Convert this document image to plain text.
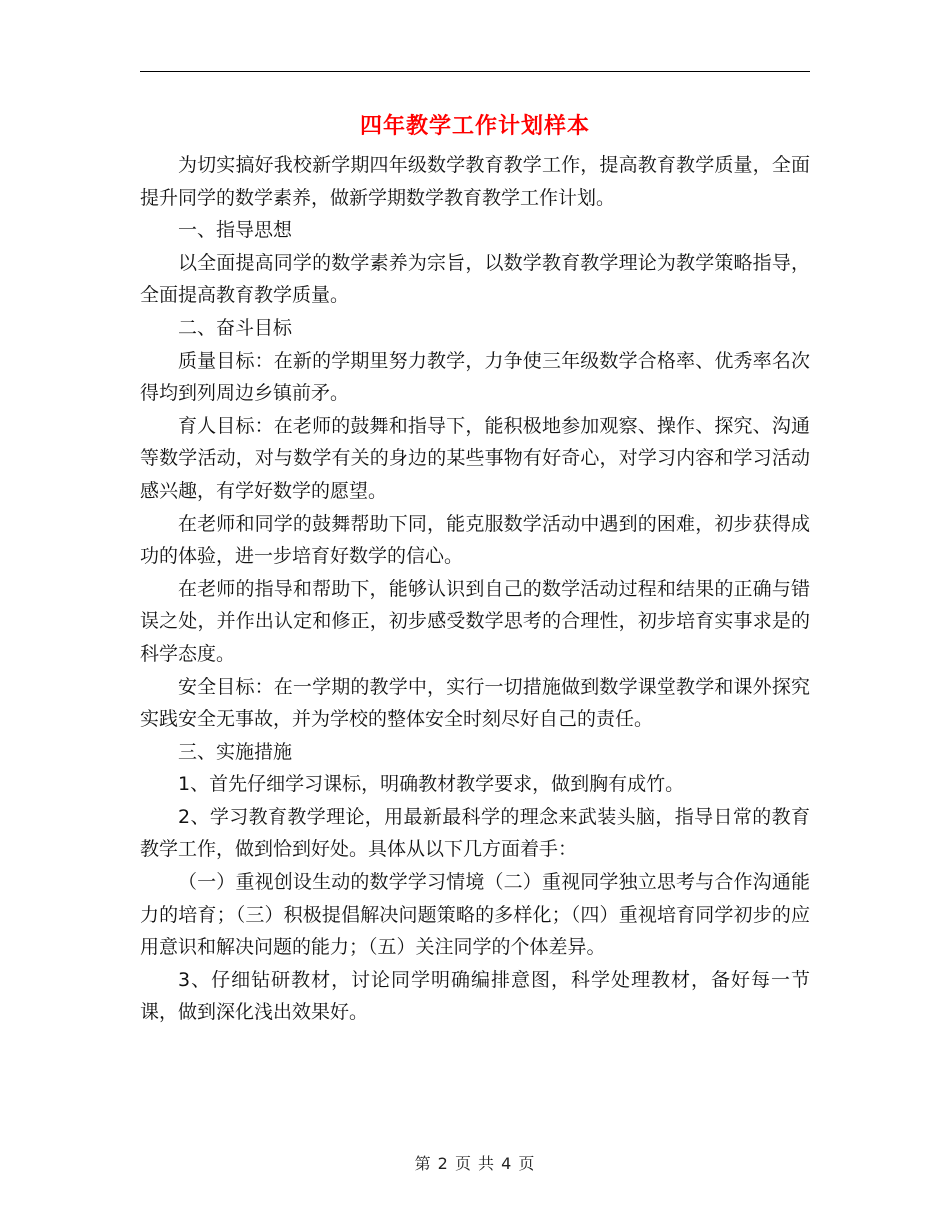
四年教学工作计划样本

为切实搞好我校新学期四年级数学教育教学工作，提高教育教学质量，全面提升同学的数学素养，做新学期数学教育教学工作计划。

一、指导思想

以全面提高同学的数学素养为宗旨，以数学教育教学理论为教学策略指导，全面提高教育教学质量。

二、奋斗目标

质量目标：在新的学期里努力教学，力争使三年级数学合格率、优秀率名次得均到列周边乡镇前矛。

育人目标：在老师的鼓舞和指导下，能积极地参加观察、操作、探究、沟通等数学活动，对与数学有关的身边的某些事物有好奇心，对学习内容和学习活动感兴趣，有学好数学的愿望。

在老师和同学的鼓舞帮助下同，能克服数学活动中遇到的困难，初步获得成功的体验，进一步培育好数学的信心。

在老师的指导和帮助下，能够认识到自己的数学活动过程和结果的正确与错误之处，并作出认定和修正，初步感受数学思考的合理性，初步培育实事求是的科学态度。

安全目标：在一学期的教学中，实行一切措施做到数学课堂教学和课外探究实践安全无事故，并为学校的整体安全时刻尽好自己的责任。

三、实施措施

1、首先仔细学习课标，明确教材教学要求，做到胸有成竹。

2、学习教育教学理论，用最新最科学的理念来武装头脑，指导日常的教育教学工作，做到恰到好处。具体从以下几方面着手：

（一）重视创设生动的数学学习情境（二）重视同学独立思考与合作沟通能力的培育；（三）积极提倡解决问题策略的多样化；（四）重视培育同学初步的应用意识和解决问题的能力；（五）关注同学的个体差异。

3、仔细钻研教材，讨论同学明确编排意图，科学处理教材，备好每一节课，做到深化浅出效果好。

第 2 页 共 4 页
